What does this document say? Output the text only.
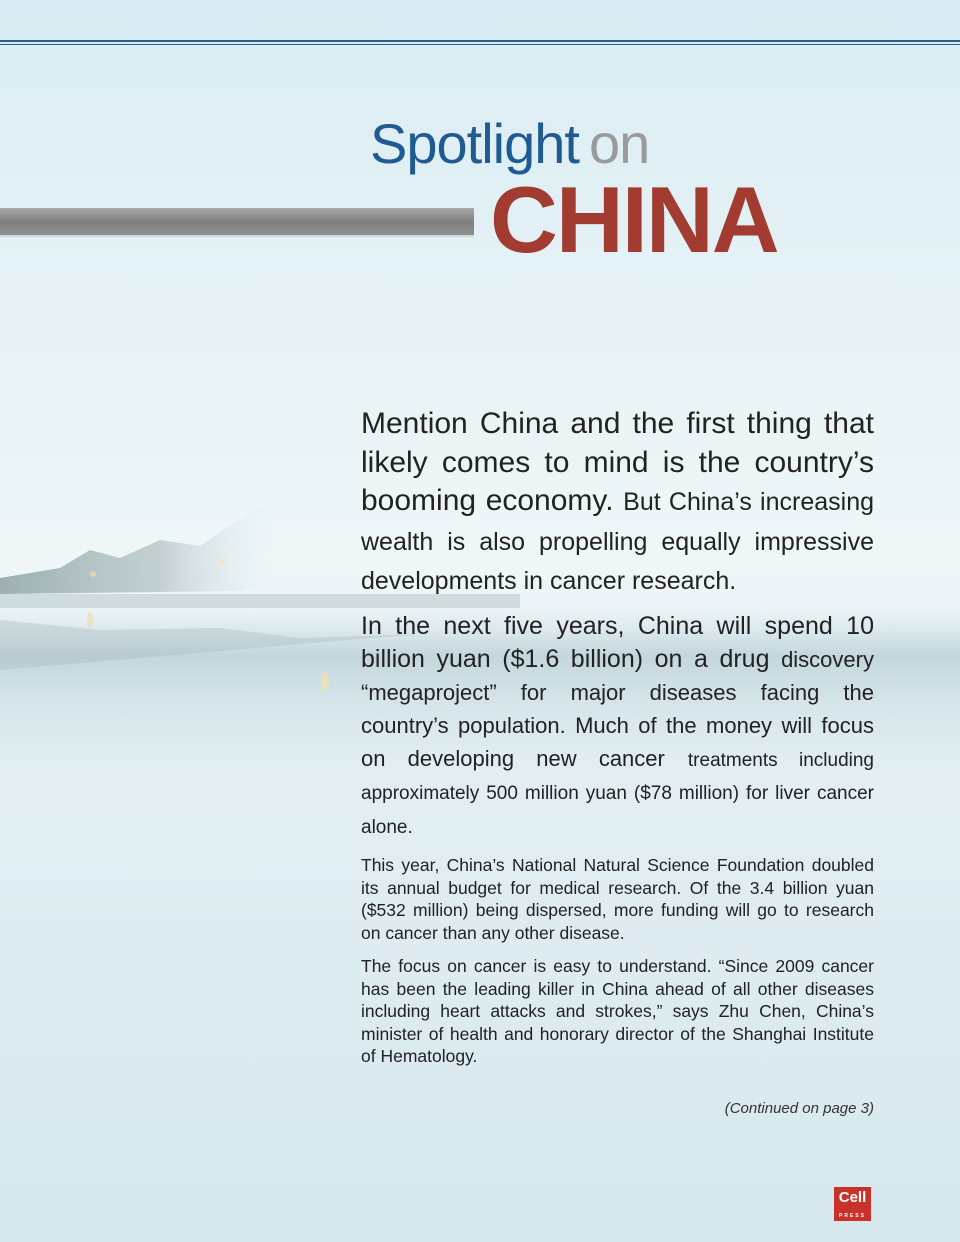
Spotlight on
CHINA

Mention China and the first thing that likely comes to mind is the country’s booming economy. But China’s increasing wealth is also propelling equally impressive developments in cancer research.

In the next five years, China will spend 10 billion yuan ($1.6 billion) on a drug discovery “megaproject” for major diseases facing the country’s population. Much of the money will focus on developing new cancer treatments including approximately 500 million yuan ($78 million) for liver cancer alone.

This year, China’s National Natural Science Foundation doubled its annual budget for medical research. Of the 3.4 billion yuan ($532 million) being dispersed, more funding will go to research on cancer than any other disease.

The focus on cancer is easy to understand. “Since 2009 cancer has been the leading killer in China ahead of all other diseases including heart attacks and strokes,” says Zhu Chen, China’s minister of health and honorary director of the Shanghai Institute of Hematology.

(Continued on page 3)
Cell
PRESS
